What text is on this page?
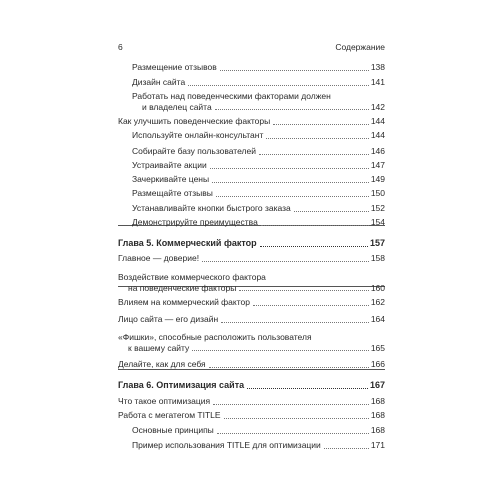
6	Содержание
Размещение отзывов	138
Дизайн сайта	141
Работать над поведенческими факторами должен
и владелец сайта	142
Как улучшить поведенческие факторы	144
Используйте онлайн-консультант	144
Собирайте базу пользователей	146
Устраивайте акции	147
Зачеркивайте цены	149
Размещайте отзывы	150
Устанавливайте кнопки быстрого заказа	152
Демонстрируйте преимущества	154
Глава 5. Коммерческий фактор	157
Главное — доверие!	158
Воздействие коммерческого фактора
на поведенческие факторы	160
Влияем на коммерческий фактор	162
Лицо сайта — его дизайн	164
«Фишки», способные расположить пользователя
к вашему сайту	165
Делайте, как для себя	166
Глава 6. Оптимизация сайта	167
Что такое оптимизация	168
Работа с мегатегом TITLE	168
Основные принципы	168
Пример использования TITLE для оптимизации	171
